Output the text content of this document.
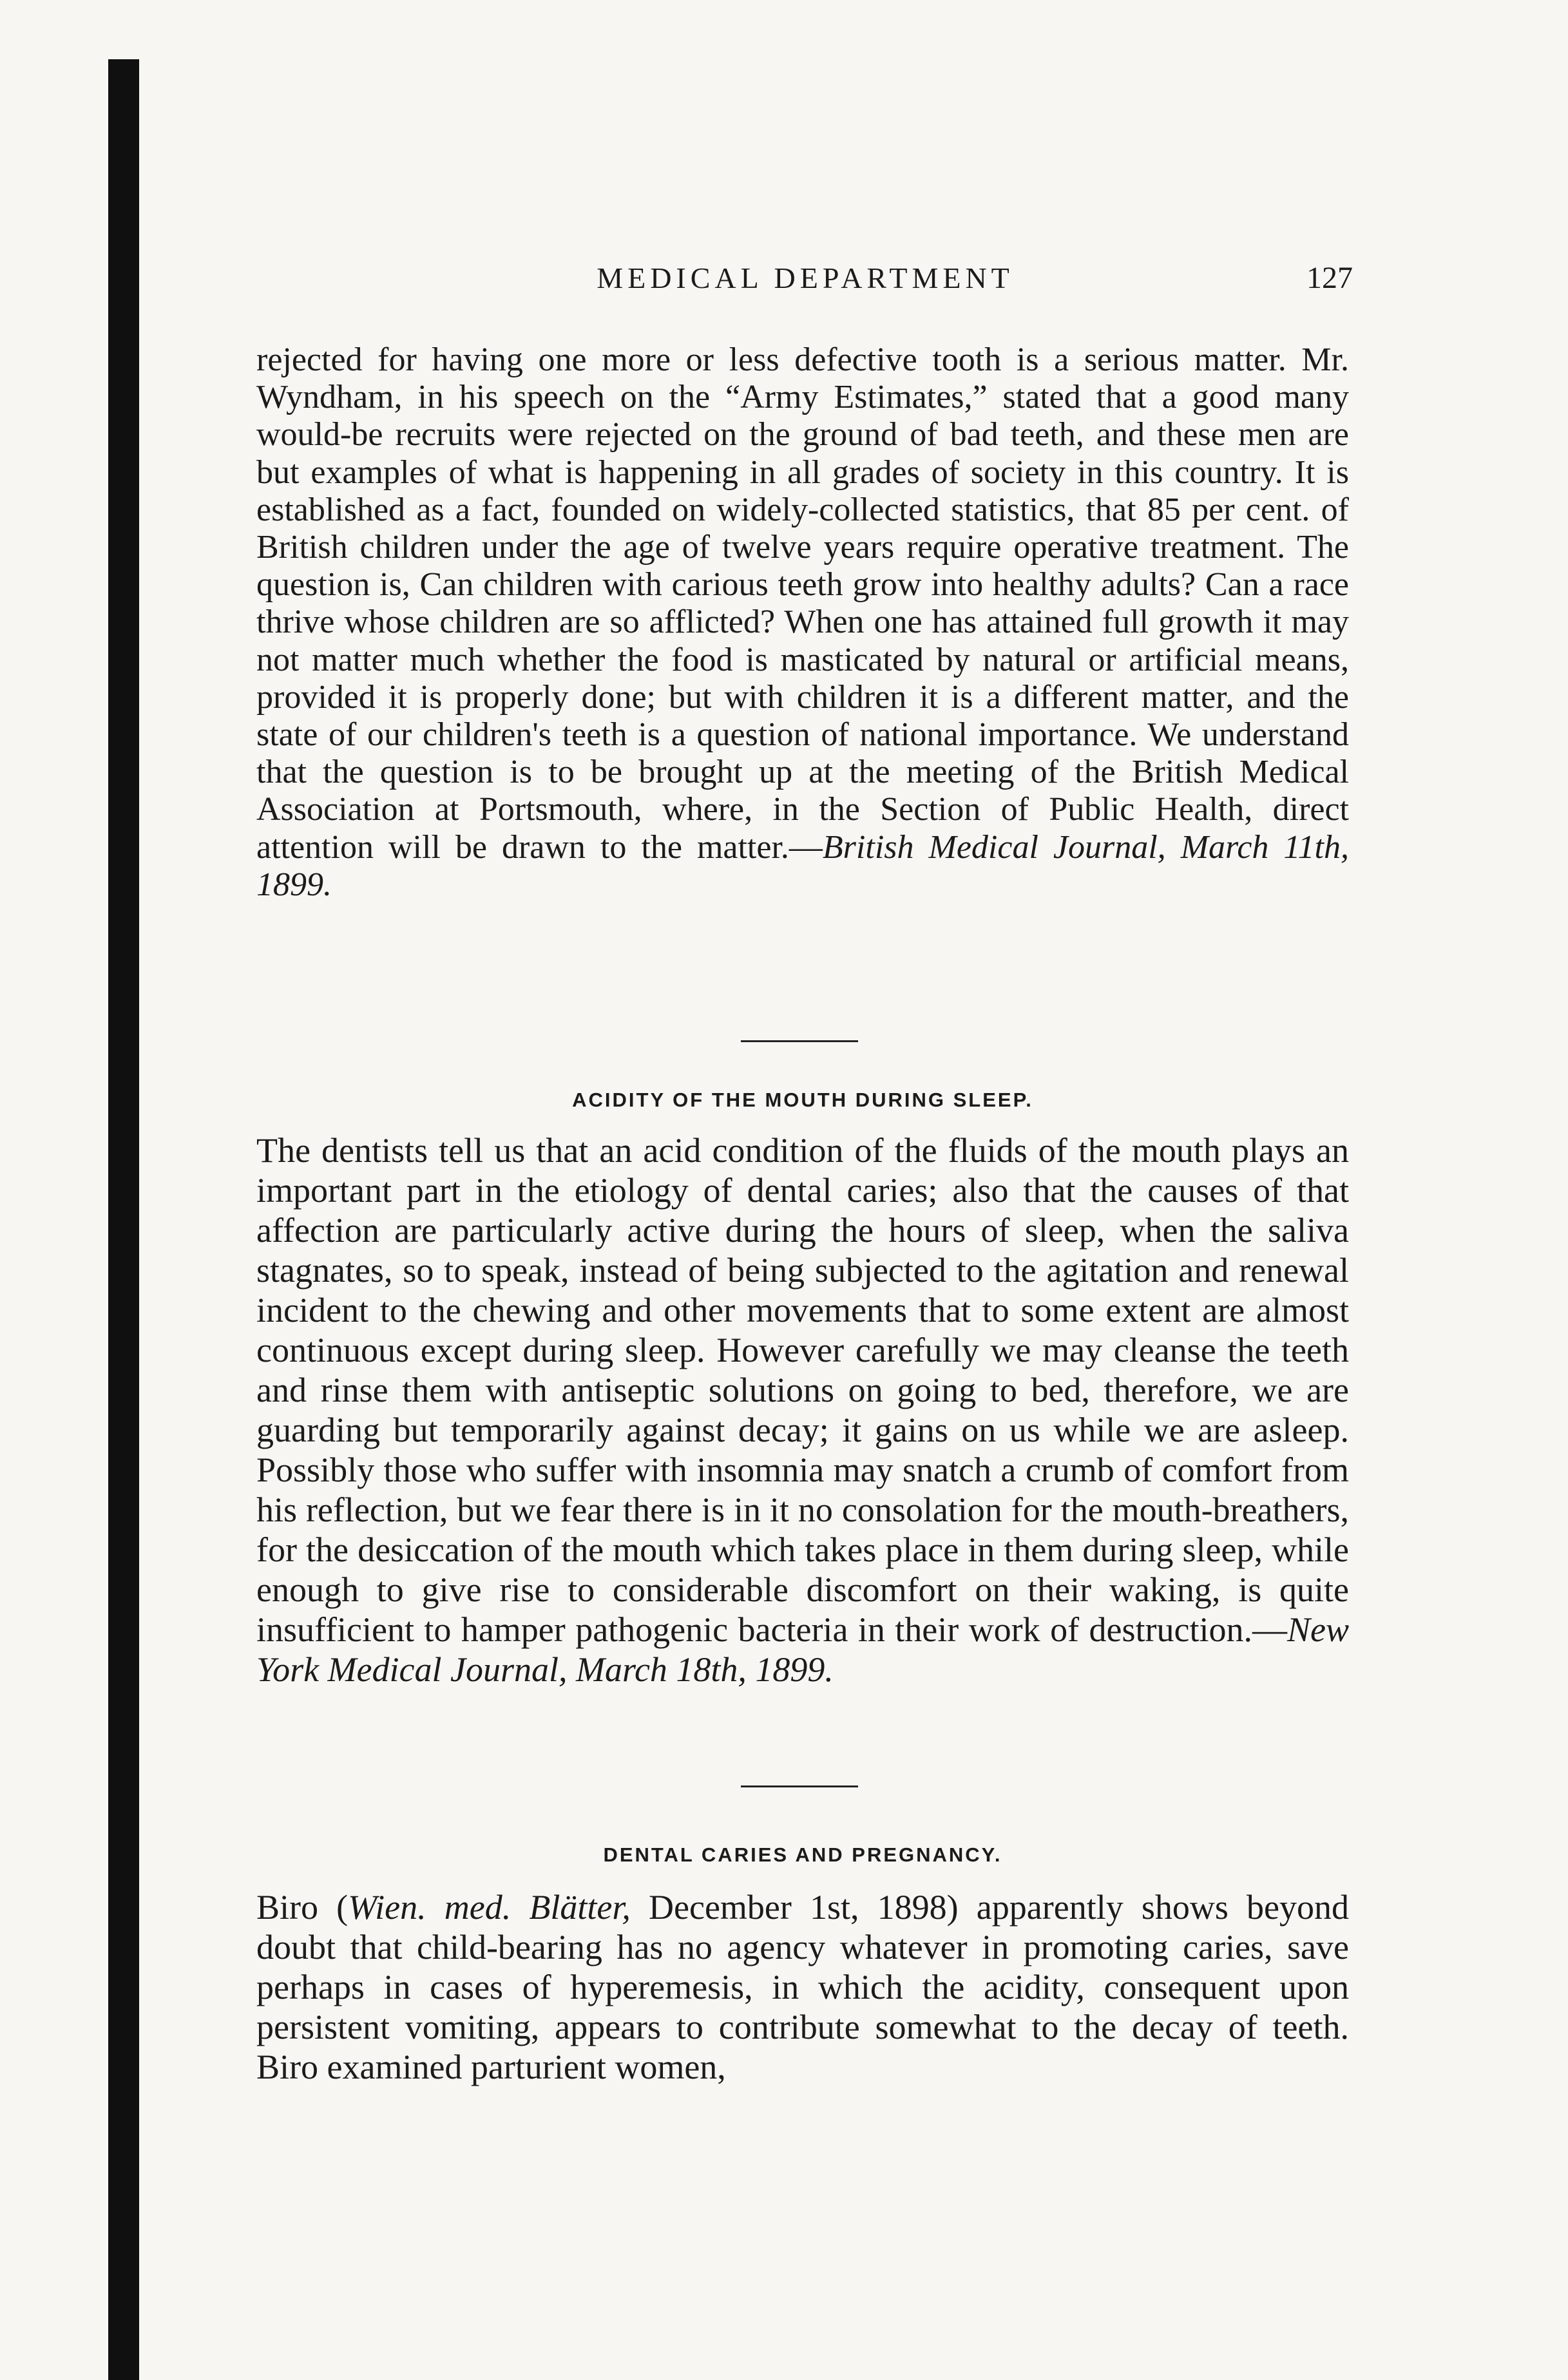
MEDICAL DEPARTMENT	127

rejected for having one more or less defective tooth is a serious matter. Mr. Wyndham, in his speech on the “Army Estimates,” stated that a good many would-be recruits were rejected on the ground of bad teeth, and these men are but examples of what is happening in all grades of society in this country. It is established as a fact, founded on widely-collected statistics, that 85 per cent. of British children under the age of twelve years require operative treatment. The question is, Can children with carious teeth grow into healthy adults? Can a race thrive whose children are so afflicted? When one has attained full growth it may not matter much whether the food is masticated by natural or artificial means, provided it is properly done; but with children it is a different matter, and the state of our children's teeth is a question of national importance. We understand that the question is to be brought up at the meeting of the British Medical Association at Portsmouth, where, in the Section of Public Health, direct attention will be drawn to the matter.—British Medical Journal, March 11th, 1899.

ACIDITY OF THE MOUTH DURING SLEEP.

The dentists tell us that an acid condition of the fluids of the mouth plays an important part in the etiology of dental caries; also that the causes of that affection are particularly active during the hours of sleep, when the saliva stagnates, so to speak, instead of being subjected to the agitation and renewal incident to the chewing and other movements that to some extent are almost continuous except during sleep. However carefully we may cleanse the teeth and rinse them with antiseptic solutions on going to bed, therefore, we are guarding but temporarily against decay; it gains on us while we are asleep. Possibly those who suffer with insomnia may snatch a crumb of comfort from his reflection, but we fear there is in it no consolation for the mouth-breathers, for the desiccation of the mouth which takes place in them during sleep, while enough to give rise to considerable discomfort on their waking, is quite insufficient to hamper pathogenic bacteria in their work of destruction.—New York Medical Journal, March 18th, 1899.

DENTAL CARIES AND PREGNANCY.

Biro (Wien. med. Blätter, December 1st, 1898) apparently shows beyond doubt that child-bearing has no agency whatever in promoting caries, save perhaps in cases of hyperemesis, in which the acidity, consequent upon persistent vomiting, appears to contribute somewhat to the decay of teeth. Biro examined parturient women,
